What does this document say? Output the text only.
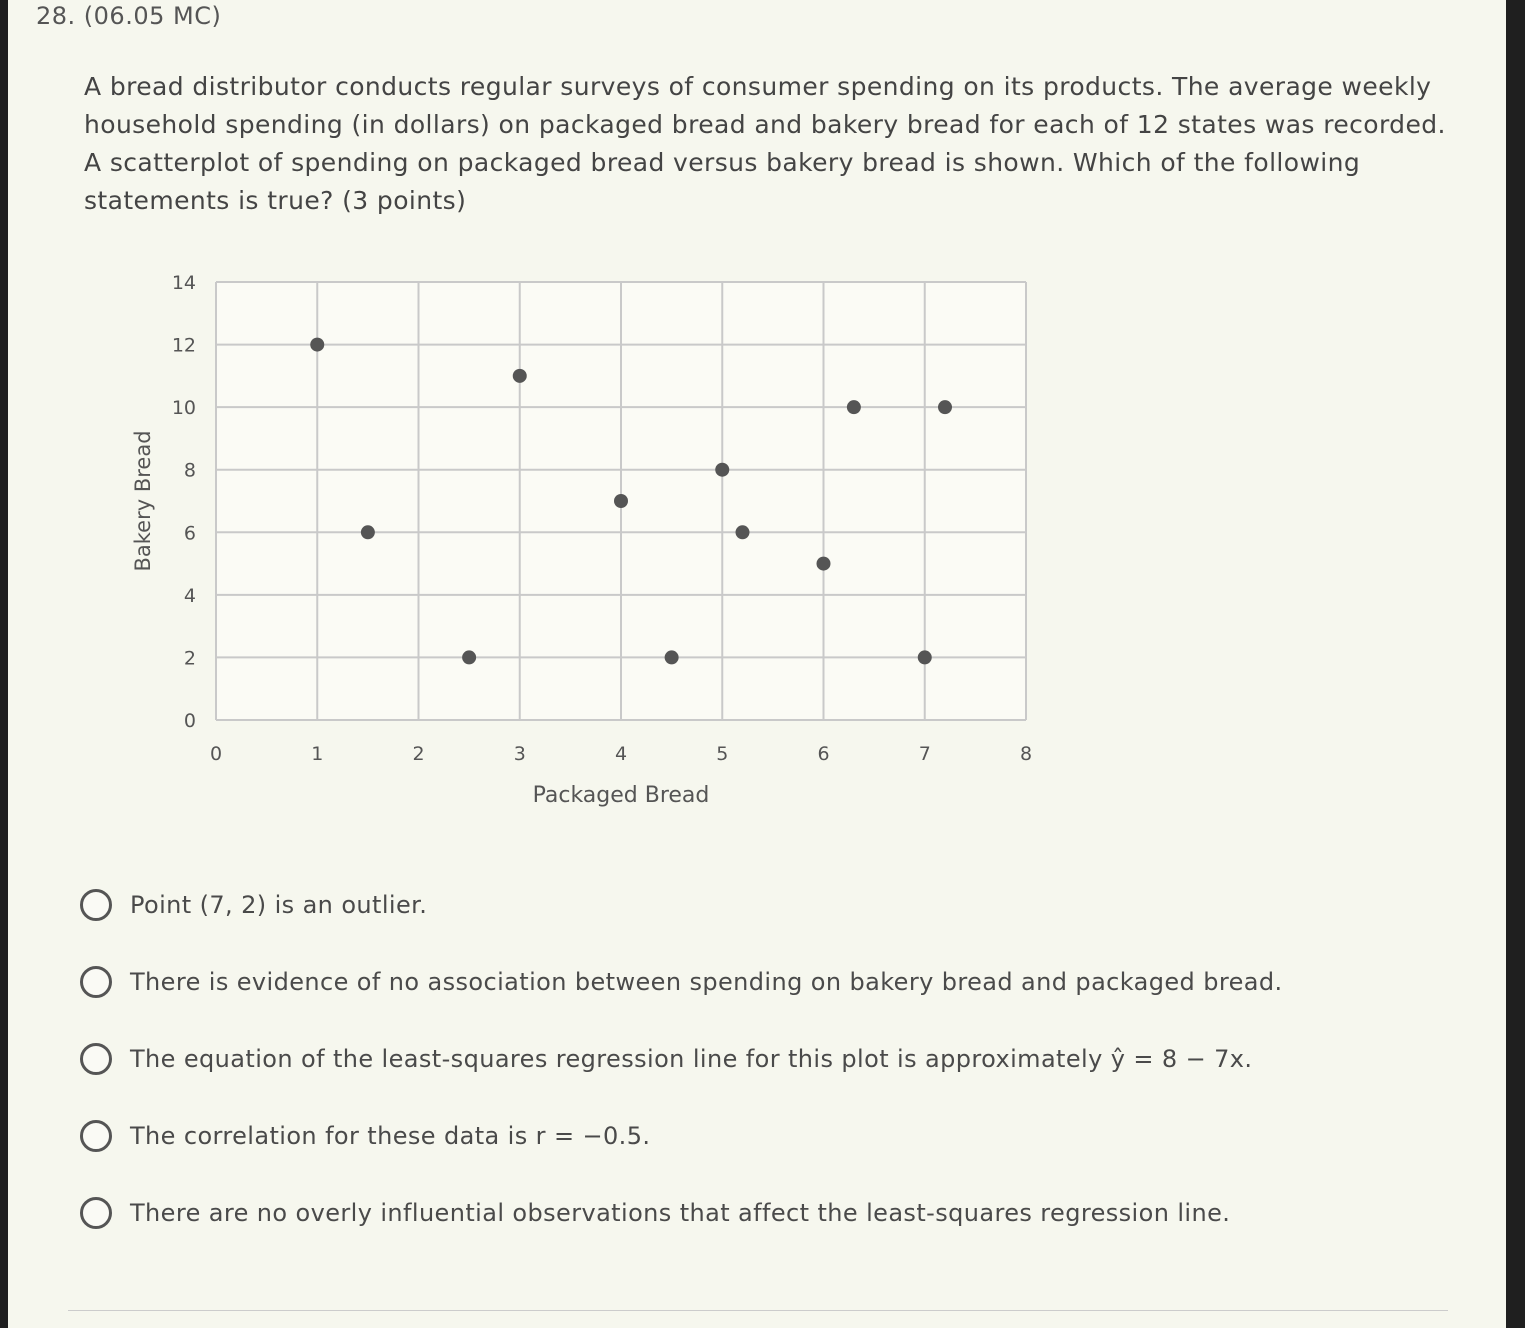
28. (06.05 MC)
A bread distributor conducts regular surveys of consumer spending on its products. The average weekly household spending (in dollars) on packaged bread and bakery bread for each of 12 states was recorded. A scatterplot of spending on packaged bread versus bakery bread is shown. Which of the following statements is true? (3 points)
0	1	2	3	4	5	6	7	8
0
2
4
6
8
10
12
14
Packaged Bread
Bakery Bread
Point (7, 2) is an outlier.
There is evidence of no association between spending on bakery bread and packaged bread.
The equation of the least-squares regression line for this plot is approximately ŷ = 8 − 7x.
The correlation for these data is r = −0.5.
There are no overly influential observations that affect the least-squares regression line.
